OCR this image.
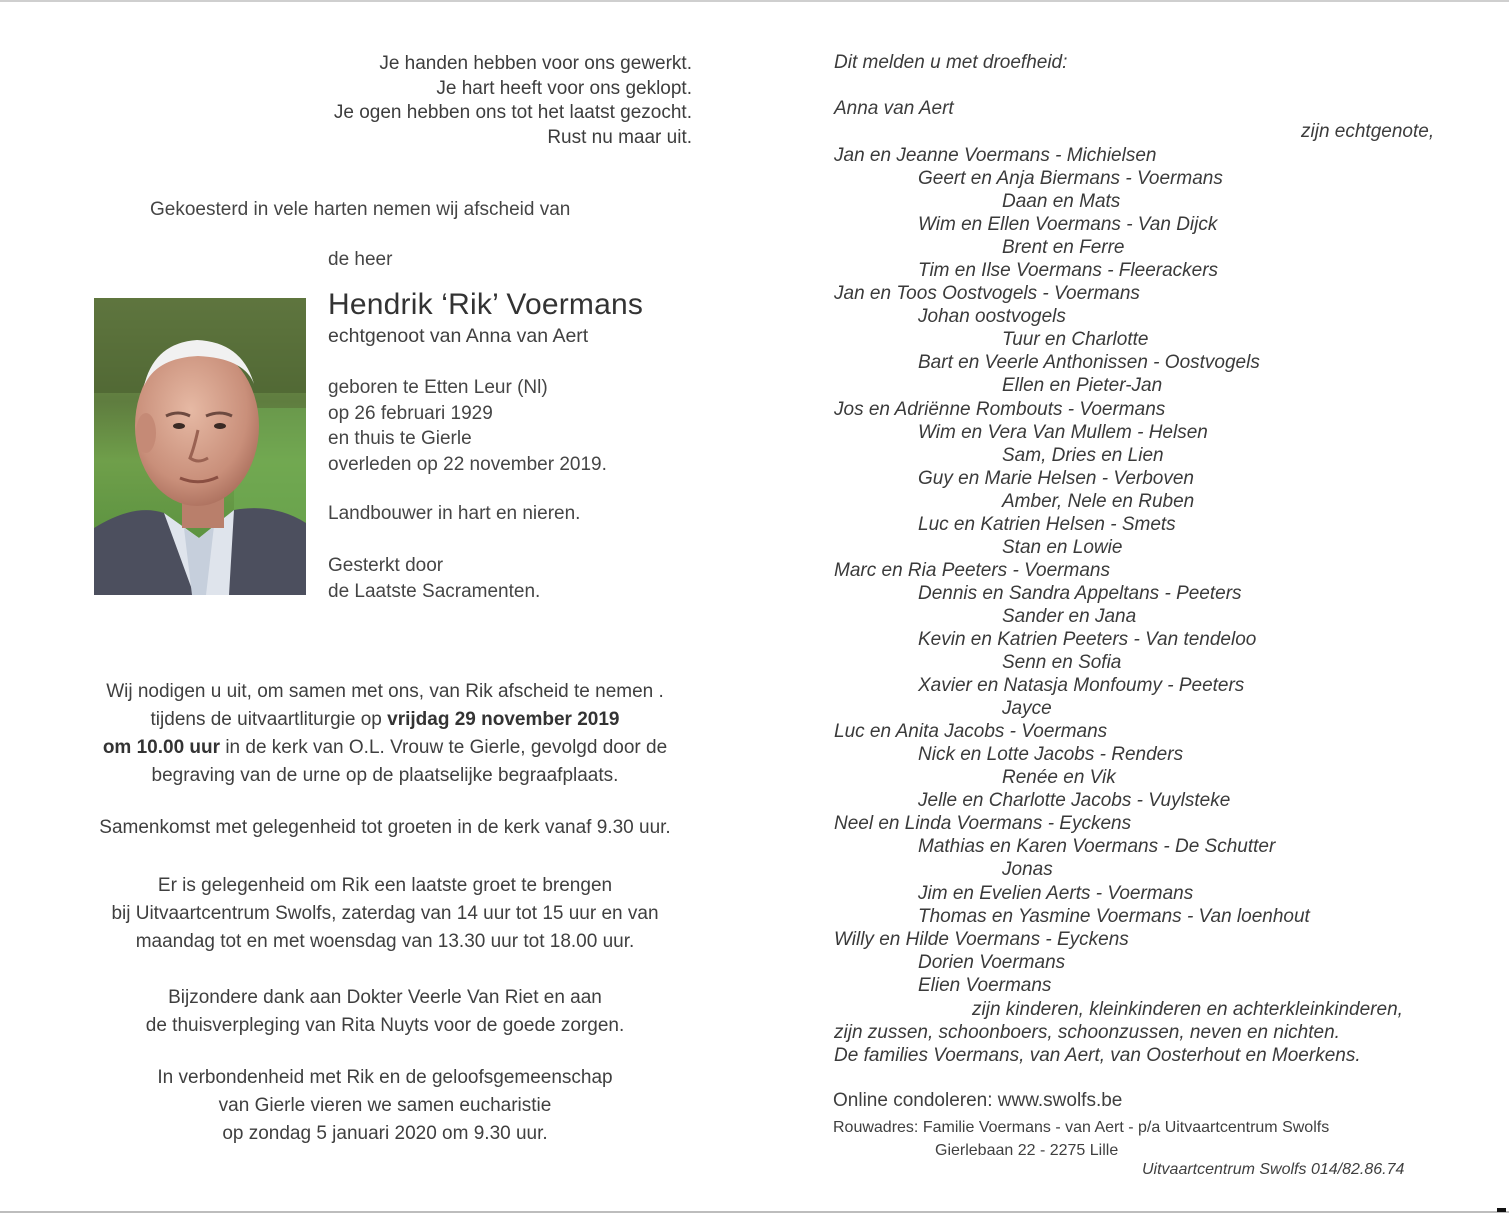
Je handen hebben voor ons gewerkt.
Je hart heeft voor ons geklopt.
Je ogen hebben ons tot het laatst gezocht.
Rust nu maar uit.
Gekoesterd in vele harten nemen wij afscheid van
de heer
Hendrik ‘Rik’ Voermans
echtgenoot van Anna van Aert
geboren te Etten Leur (Nl)
op 26 februari 1929
en thuis te Gierle
overleden op 22 november 2019.
Landbouwer in hart en nieren.
Gesterkt door
de Laatste Sacramenten.
Wij nodigen u uit, om samen met ons, van Rik afscheid te nemen .
tijdens de uitvaartliturgie op vrijdag 29 november 2019
om 10.00 uur in de kerk van O.L. Vrouw te Gierle, gevolgd door de
begraving van de urne op de plaatselijke begraafplaats.
Samenkomst met gelegenheid tot groeten in de kerk vanaf 9.30 uur.
Er is gelegenheid om Rik een laatste groet te brengen
bij Uitvaartcentrum Swolfs, zaterdag van 14 uur tot 15 uur en van
maandag tot en met woensdag van 13.30 uur tot 18.00 uur.
Bijzondere dank aan Dokter Veerle Van Riet en aan
de thuisverpleging van Rita Nuyts voor de goede zorgen.
In verbondenheid met Rik en de geloofsgemeenschap
van Gierle vieren we samen eucharistie
op zondag 5 januari 2020 om 9.30 uur.
Dit melden u met droefheid:
Anna van Aert
zijn echtgenote,
Jan en Jeanne Voermans - Michielsen
Geert en Anja Biermans - Voermans
Daan en Mats
Wim en Ellen Voermans - Van Dijck
Brent en Ferre
Tim en Ilse Voermans - Fleerackers
Jan en Toos Oostvogels - Voermans
Johan oostvogels
Tuur en Charlotte
Bart en Veerle Anthonissen - Oostvogels
Ellen en Pieter-Jan
Jos en Adriënne Rombouts - Voermans
Wim en Vera Van Mullem - Helsen
Sam, Dries en Lien
Guy en Marie Helsen - Verboven
Amber, Nele en Ruben
Luc en Katrien Helsen - Smets
Stan en Lowie
Marc en Ria Peeters - Voermans
Dennis en Sandra Appeltans - Peeters
Sander en Jana
Kevin en Katrien Peeters - Van tendeloo
Senn en Sofia
Xavier en Natasja Monfoumy - Peeters
Jayce
Luc en Anita Jacobs - Voermans
Nick en Lotte Jacobs - Renders
Renée en Vik
Jelle en Charlotte Jacobs - Vuylsteke
Neel en Linda Voermans - Eyckens
Mathias en Karen Voermans - De Schutter
Jonas
Jim en Evelien Aerts - Voermans
Thomas en Yasmine Voermans - Van loenhout
Willy en Hilde Voermans - Eyckens
Dorien Voermans
Elien Voermans
zijn kinderen, kleinkinderen en achterkleinkinderen,
zijn zussen, schoonboers, schoonzussen, neven en nichten.
De families Voermans, van Aert, van Oosterhout en Moerkens.
Online condoleren: www.swolfs.be
Rouwadres: Familie Voermans - van Aert - p/a Uitvaartcentrum Swolfs
Gierlebaan 22 - 2275 Lille
Uitvaartcentrum Swolfs 014/82.86.74
